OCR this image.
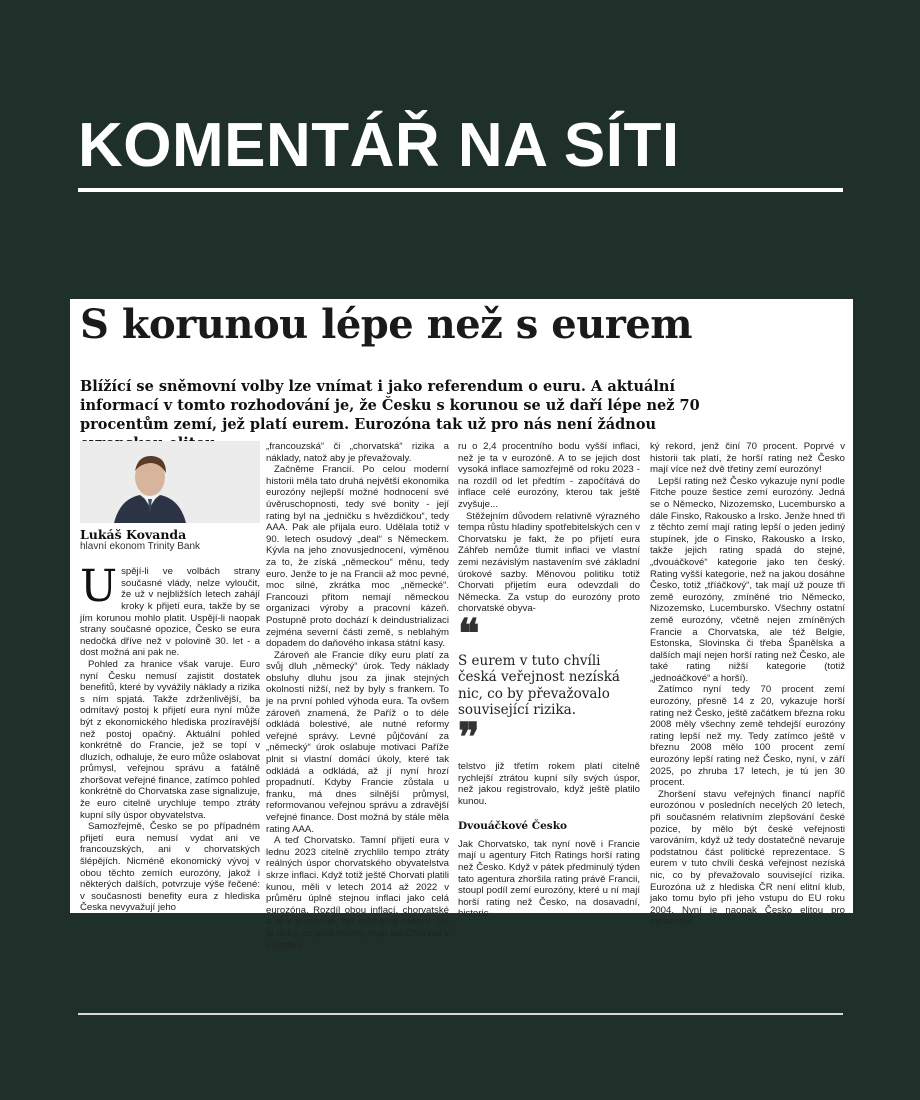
KOMENTÁŘ NA SÍTI
S korunou lépe než s eurem
Blížící se sněmovní volby lze vnímat i jako referendum o euru. A aktuální informací v tomto rozhodování je, že Česku s korunou se už daří lépe než 70 procentům zemí, jež platí eurem. Eurozóna tak už pro nás není žádnou
Lukáš Kovanda
hlavní ekonom Trinity Bank

Uspějí-li ve volbách strany současné vlády, nelze vyloučit, že už v nejbližších letech zahájí kroky k přijetí eura, takže by se jím korunou mohlo platit. Uspějí-li naopak strany současné opozice, Česko se eura nedočká dříve než v polovině 30. let - a dost možná ani pak ne.

Pohled za hranice však varuje. Euro nyní Česku nemusí zajistit dostatek benefitů, které by vyvážily náklady a rizika s ním spjatá. Takže zdrženlivější, ba odmítavý postoj k přijetí eura nyní může být z ekonomického hlediska prozíravější než postoj opačný. Aktuální pohled konkrétně do Francie, jež se topí v dluzích, odhaluje, že euro může oslabovat průmysl, veřejnou správu a fatálně zhoršovat veřejné finance, zatímco pohled konkrétně do Chorvatska zase signalizuje, že euro citelně urychluje tempo ztráty kupní síly úspor obyvatelstva.

Samozřejmě, Česko se po případném přijetí eura nemusí vydat ani ve francouzských, ani v chorvatských šlépějích. Nicméně ekonomický vývoj v obou těchto zemích eurozóny, jakož i některých dalších, potvrzuje výše řečené: v současnosti benefity eura z hlediska Česka nevyvažují jeho

„francouzská“ či „chorvatská“ rizika a náklady, natož aby je převažovaly.

Začněme Francií. Po celou moderní historii měla tato druhá největší ekonomika eurozóny nejlepší možné hodnocení své úvěruschopnosti, tedy své bonity - její rating byl na „jedničku s hvězdičkou“, tedy AAA. Pak ale přijala euro. Udělala totiž v 90. letech osudový „deal“ s Německem. Kývla na jeho znovusjednocení, výměnou za to, že získá „německou“ měnu, tedy euro. Jenže to je na Francii až moc pevné, moc silné, zkrátka moc „německé“. Francouzi přitom nemají německou organizaci výroby a pracovní kázeň. Postupně proto dochází k deindustrializaci zejména severní části země, s neblahým dopadem do daňového inkasa státní kasy.

Zároveň ale Francie díky euru platí za svůj dluh „německý“ úrok. Tedy náklady obsluhy dluhu jsou za jinak stejných okolností nižší, než by byly s frankem. To je na první pohled výhoda eura. Ta ovšem zároveň znamená, že Paříž o to déle odkládá bolestivé, ale nutné reformy veřejné správy. Levné půjčování za „německý“ úrok oslabuje motivaci Paříže plnit si vlastní domácí úkoly, které tak odkládá a odkládá, až jí nyní hrozí propadnutí. Kdyby Francie zůstala u franku, má dnes silnější průmysl, reformovanou veřejnou správu a zdravější veřejné finance. Dost možná by stále měla rating AAA.

A teď Chorvatsko. Tamní přijetí eura v lednu 2023 citelně zrychlilo tempo ztráty reálných úspor chorvatského obyvatelstva skrze inflaci. Když totiž ještě Chorvati platili kunou, měli v letech 2014 až 2022 v průměru úplně stejnou inflaci jako celá eurozóna. Rozdíl obou inflací, chorvatské a té v eurozóně, byl průměrně nulový. Od té doby, co platí eurem, mají ale Chorvati v průměru

ru o 2,4 procentního bodu vyšší inflaci, než je ta v eurozóně. A to se jejich dost vysoká inflace samozřejmě od roku 2023 - na rozdíl od let předtím - započítává do inflace celé eurozóny, kterou tak ještě zvyšuje...

Stěžejním důvodem relativně výrazného tempa růstu hladiny spotřebitelských cen v Chorvatsku je fakt, že po přijetí eura Záhřeb nemůže tlumit inflaci ve vlastní zemi nezávislým nastavením své základní úrokové sazby. Měnovou politiku totiž Chorvati přijetím eura odevzdali do Německa. Za vstup do eurozóny proto chorvatské obyva-

❝
S eurem v tuto chvíli česká veřejnost nezíská nic, co by převažovalo související rizika.
❞

telstvo již třetím rokem platí citelně rychlejší ztrátou kupní síly svých úspor, než jakou registrovalo, když ještě platilo kunou.

Dvouáčkové Česko

Jak Chorvatsko, tak nyní nově i Francie mají u agentury Fitch Ratings horší rating než Česko. Když v pátek předminulý týden tato agentura zhoršila rating právě Francii, stoupl podíl zemí eurozóny, které u ní mají horší rating než Česko, na dosavadní, historic-

ký rekord, jenž činí 70 procent. Poprvé v historii tak platí, že horší rating než Česko mají více než dvě třetiny zemí eurozóny!

Lepší rating než Česko vykazuje nyní podle Fitche pouze šestice zemí eurozóny. Jedná se o Německo, Nizozemsko, Lucembursko a dále Finsko, Rakousko a Irsko. Jenže hned tři z těchto zemí mají rating lepší o jeden jediný stupínek, jde o Finsko, Rakousko a Irsko, takže jejich rating spadá do stejné, „dvouáčkové“ kategorie jako ten český. Rating vyšší kategorie, než na jakou dosáhne Česko, totiž „tříáčkový“, tak mají už pouze tři země eurozóny, zmíněné trio Německo, Nizozemsko, Lucembursko. Všechny ostatní země eurozóny, včetně nejen zmíněných Francie a Chorvatska, ale též Belgie, Estonska, Slovinska či třeba Španělska a dalších mají nejen horší rating než Česko, ale také rating nižší kategorie (totiž „jednoáčkové“ a horší).

Zatímco nyní tedy 70 procent zemí eurozóny, přesně 14 z 20, vykazuje horší rating než Česko, ještě začátkem března roku 2008 měly všechny země tehdejší eurozóny rating lepší než my. Tedy zatímco ještě v březnu 2008 mělo 100 procent zemí eurozóny lepší rating než Česko, nyní, v září 2025, po zhruba 17 letech, je tú jen 30 procent.

Zhoršení stavu veřejných financí napříč eurozónou v posledních necelých 20 letech, při současném relativním zlepšování české pozice, by mělo být české veřejnosti varováním, když už tedy dostatečně nevaruje podstatnou část politické reprezentace. S eurem v tuto chvíli česká veřejnost nezíská nic, co by převažovalo související rizika. Eurozóna už z hlediska ČR není elitní klub, jako tomu bylo při jeho vstupu do EU roku 2004. Nyní je naopak Česko elitou pro eurozónu!
